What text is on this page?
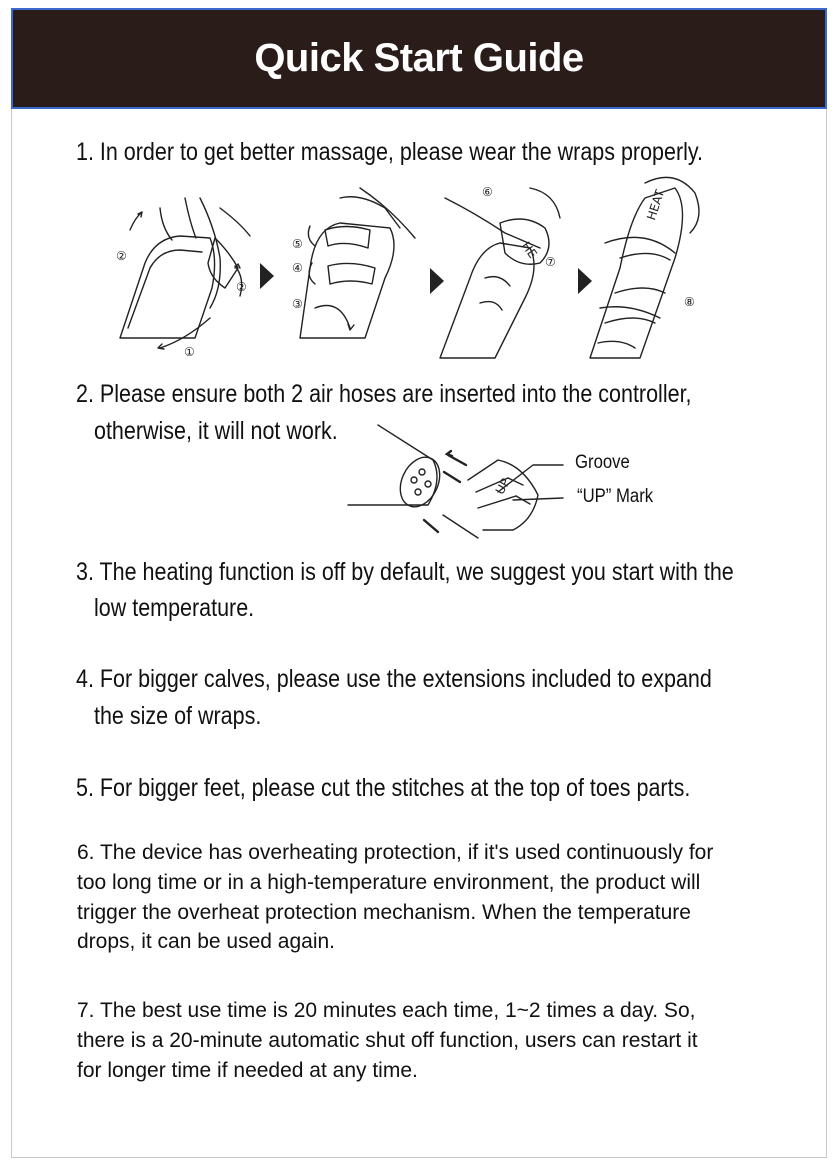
Quick Start Guide

1. In order to get better massage, please wear the wraps properly.

②
②
①
⑤
④
③
⑥
⑦
HE
⑧
HEAT

2. Please ensure both 2 air hoses are inserted into the controller,

otherwise, it will not work.

UP

Groove

“UP” Mark

3. The heating function is off by default, we suggest you start with the

low temperature.

4. For bigger calves, please use the extensions included to expand

the size of wraps.

5. For bigger feet, please cut the stitches at the top of toes parts.

6. The device has overheating protection, if it's used continuously for

too long time or in a high-temperature environment, the product will

trigger the overheat protection mechanism. When the temperature

drops, it can be used again.

7. The best use time is 20 minutes each time, 1~2 times a day. So,

there is a 20-minute automatic shut off function, users can restart it

for longer time if needed at any time.
